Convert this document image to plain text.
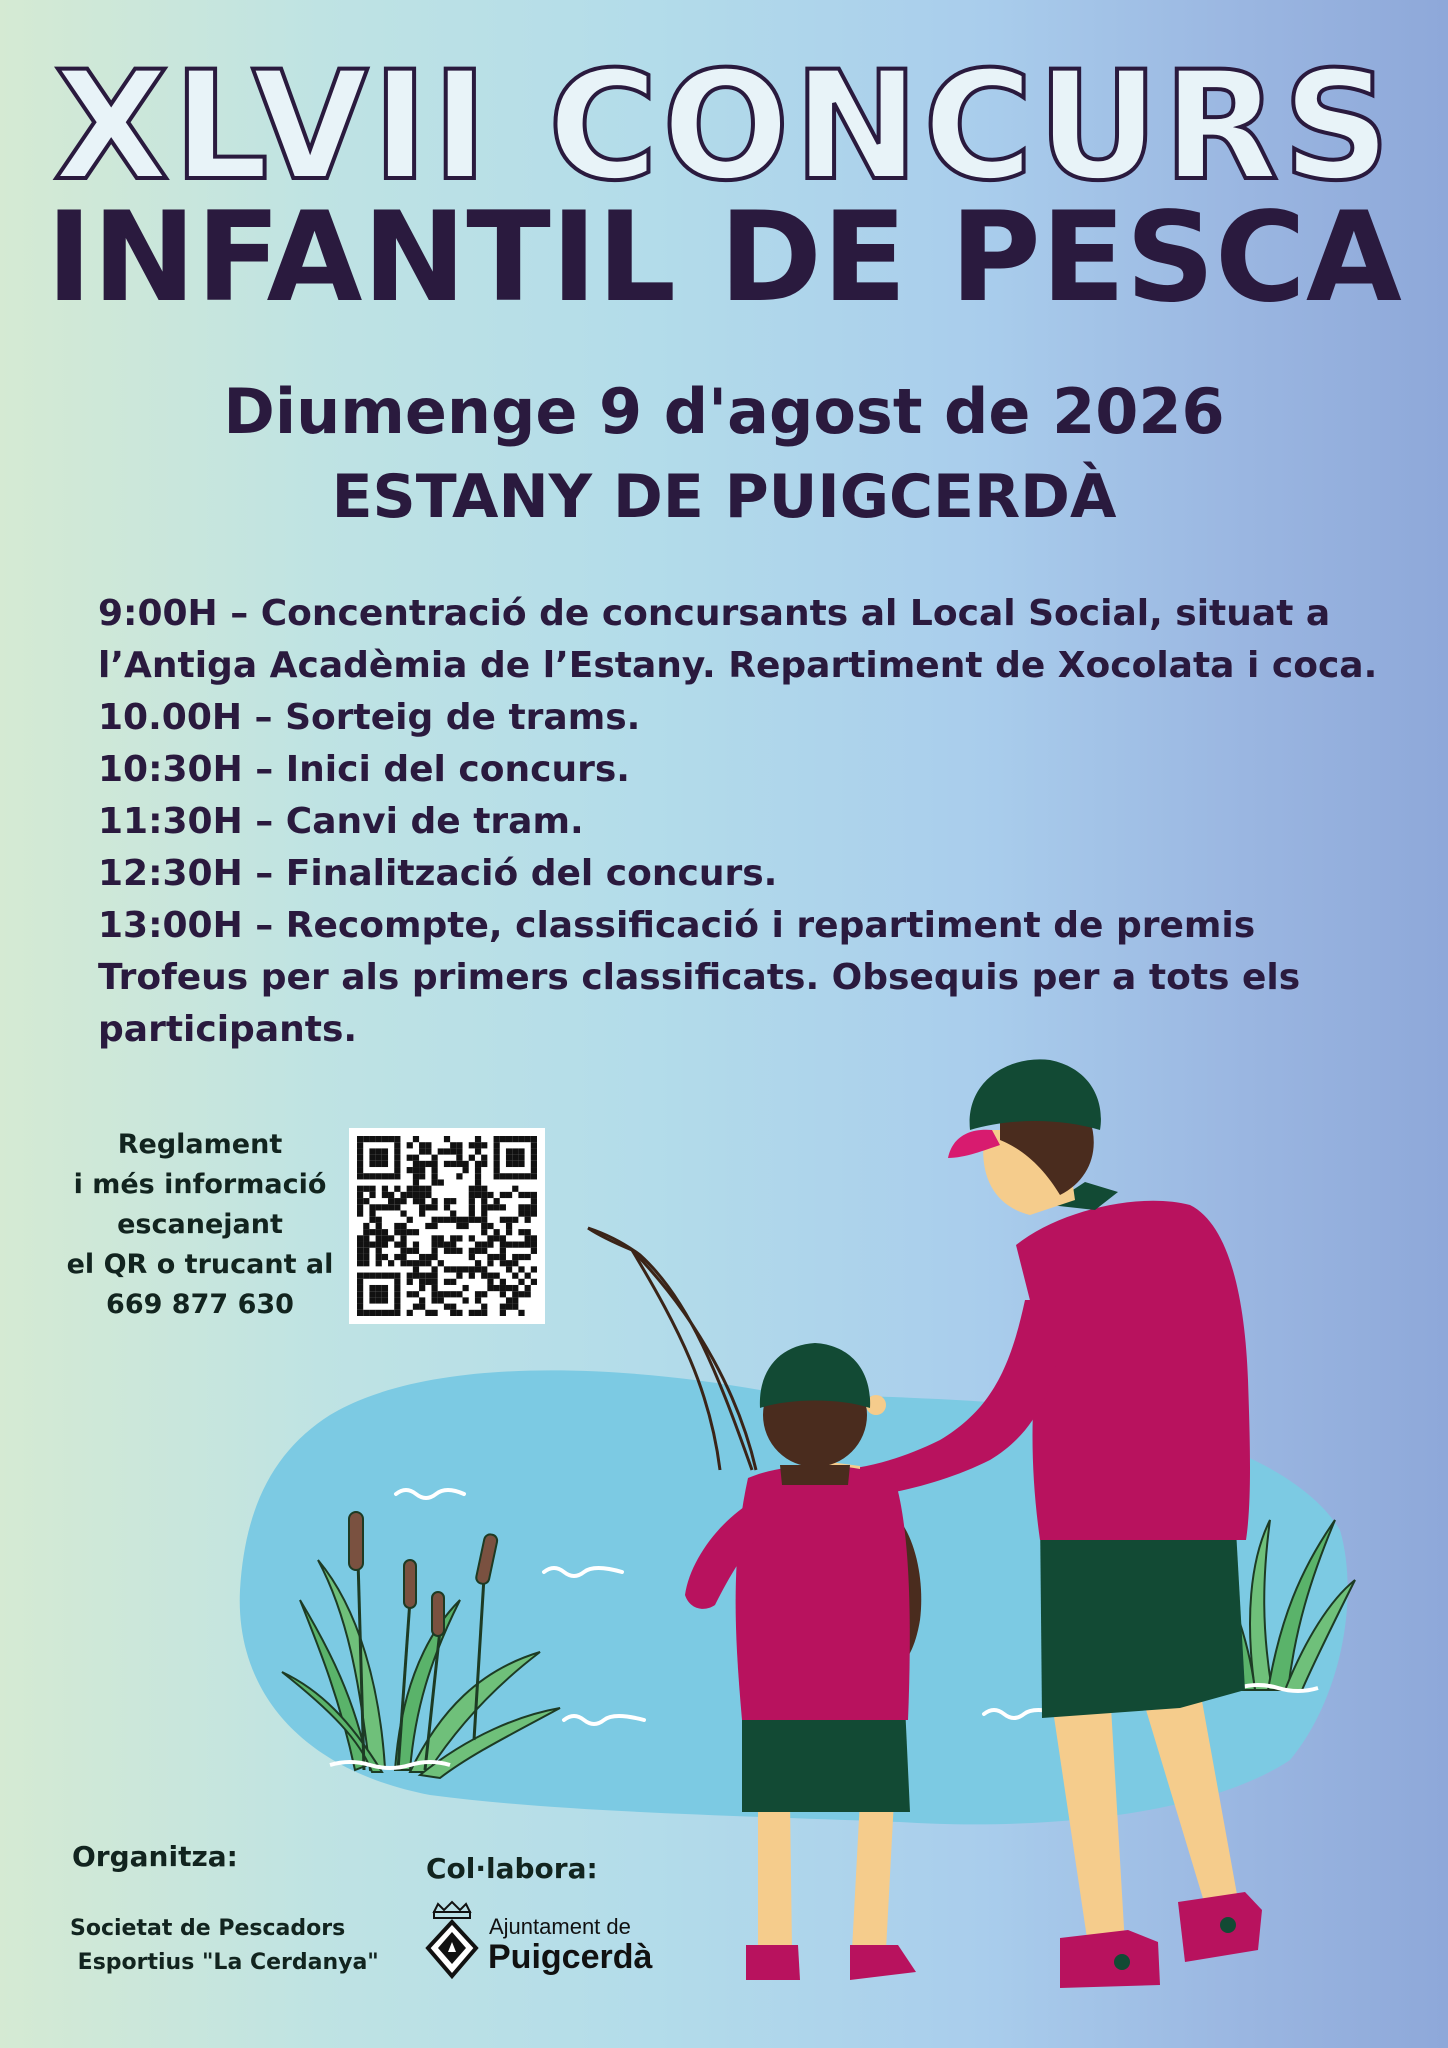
XLVII CONCURS
INFANTIL DE PESCA
Diumenge 9 d'agost de 2026
ESTANY DE PUIGCERDÀ
9:00H – Concentració de concursants al Local Social, situat a
l’Antiga Acadèmia de l’Estany. Repartiment de Xocolata i coca.
10.00H – Sorteig de trams.
10:30H – Inici del concurs.
11:30H – Canvi de tram.
12:30H – Finalització del concurs.
13:00H – Recompte, classificació i repartiment de premis
Trofeus per als primers classificats. Obsequis per a tots els
participants.
Reglament
i més informació
escanejant
el QR o trucant al
669 877 630
Organitza:
Societat de Pescadors
Esportius "La Cerdanya"
Col·labora:
Ajuntament de
Puigcerdà
